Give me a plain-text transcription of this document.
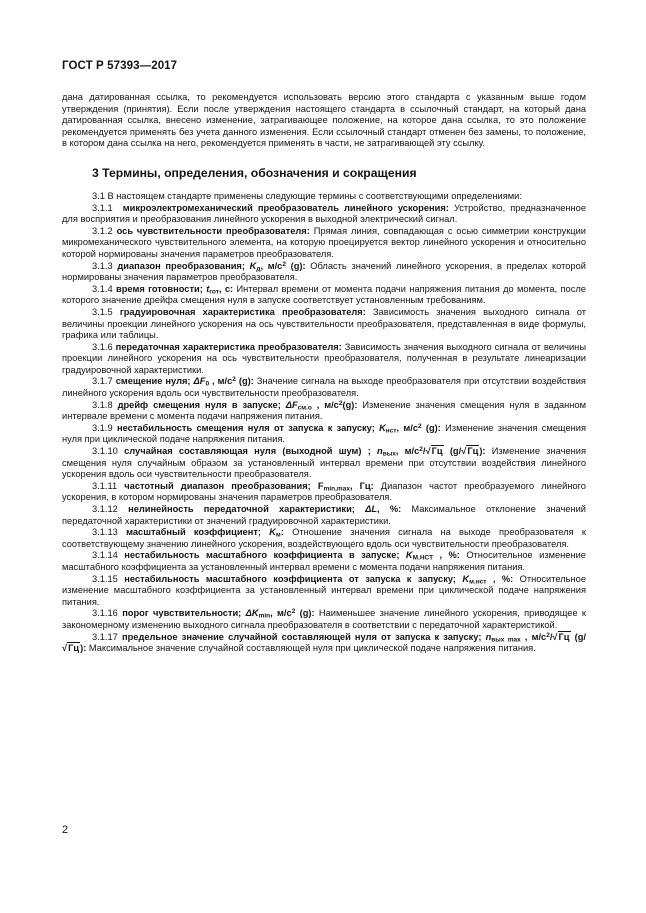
ГОСТ Р 57393—2017

дана датированная ссылка, то рекомендуется использовать версию этого стандарта с указанным выше годом утверждения (принятия). Если после утверждения настоящего стандарта в ссылочный стандарт, на который дана датированная ссылка, внесено изменение, затрагивающее положение, на которое дана ссылка, то это положение рекомендуется применять без учета данного изменения. Если ссылочный стандарт отменен без замены, то положение, в котором дана ссылка на него, рекомендуется применять в части, не затрагивающей эту ссылку.

3 Термины, определения, обозначения и сокращения

3.1 В настоящем стандарте применены следующие термины с соответствующими определениями:

3.1.1 микроэлектромеханический преобразователь линейного ускорения: Устройство, предназначенное для восприятия и преобразования линейного ускорения в выходной электрический сигнал.

3.1.2 ось чувствительности преобразователя: Прямая линия, совпадающая с осью симметрии конструкции микромеханического чувствительного элемента, на которую проецируется вектор линейного ускорения и относительно которой нормированы значения параметров преобразователя.

3.1.3 диапазон преобразования; $K_д$, $м/с^2$ (g): Область значений линейного ускорения, в пределах которой нормированы значения параметров преобразователя.

3.1.4 время готовности; $t_{гот}$, с: Интервал времени от момента подачи напряжения питания до момента, после которого значение дрейфа смещения нуля в запуске соответствует установленным требованиям.

3.1.5 градуировочная характеристика преобразователя: Зависимость значения выходного сигнала от величины проекции линейного ускорения на ось чувствительности преобразователя, представленная в виде формулы, графика или таблицы.

3.1.6 передаточная характеристика преобразователя: Зависимость значения выходного сигнала от величины проекции линейного ускорения на ось чувствительности преобразователя, полученная в результате линеаризации градуировочной характеристики.

3.1.7 смещение нуля; $\Delta F_0$ , $м/с^2$ (g): Значение сигнала на выходе преобразователя при отсутствии воздействия линейного ускорения вдоль оси чувствительности преобразователя.

3.1.8 дрейф смещения нуля в запуске; $\Delta F_{см.о}$ , $м/с^2(g)$: Изменение значения смещения нуля в заданном интервале времени с момента подачи напряжения питания.

3.1.9 нестабильность смещения нуля от запуска к запуску; $K_{нст}$, $м/с^2$ (g): Изменение значения смещения нуля при циклической подаче напряжения питания.

3.1.10 случайная составляющая нуля (выходной шум) ; $n_{вых}$, $м/с^2/√Гц$ (g/√Гц): Изменение значения смещения нуля случайным образом за установленный интервал времени при отсутствии воздействия линейного ускорения вдоль оси чувствительности преобразователя.

3.1.11 частотный диапазон преобразования; $F_{min,max}$, Гц: Диапазон частот преобразуемого линейного ускорения, в котором нормированы значения параметров преобразователя.

3.1.12 нелинейность передаточной характеристики; ΔL, %: Максимальное отклонение значений передаточной характеристики от значений градуировочной характеристики.

3.1.13 масштабный коэффициент; $K_м$: Отношение значения сигнала на выходе преобразователя к соответствующему значению линейного ускорения, воздействующего вдоль оси чувствительности преобразователя.

3.1.14 нестабильность масштабного коэффициента в запуске; $K_{М.НСТ}$ , %: Относительное изменение масштабного коэффициента за установленный интервал времени с момента подачи напряжения питания.

3.1.15 нестабильность масштабного коэффициента от запуска к запуску; $K_{м.нст}$ , %: Относительное изменение масштабного коэффициента за установленный интервал времени при циклической подаче напряжения питания.

3.1.16 порог чувствительности; $\Delta K_{min}$, $м/с^2$ (g): Наименьшее значение линейного ускорения, приводящее к закономерному изменению выходного сигнала преобразователя в соответствии с передаточной характеристикой.

3.1.17 предельное значение случайной составляющей нуля от запуска к запуску; $n_{вых max}$ , $м/с^2/√Гц$ (g/√Гц): Максимальное значение случайной составляющей нуля при циклической подаче напряжения питания.

2
